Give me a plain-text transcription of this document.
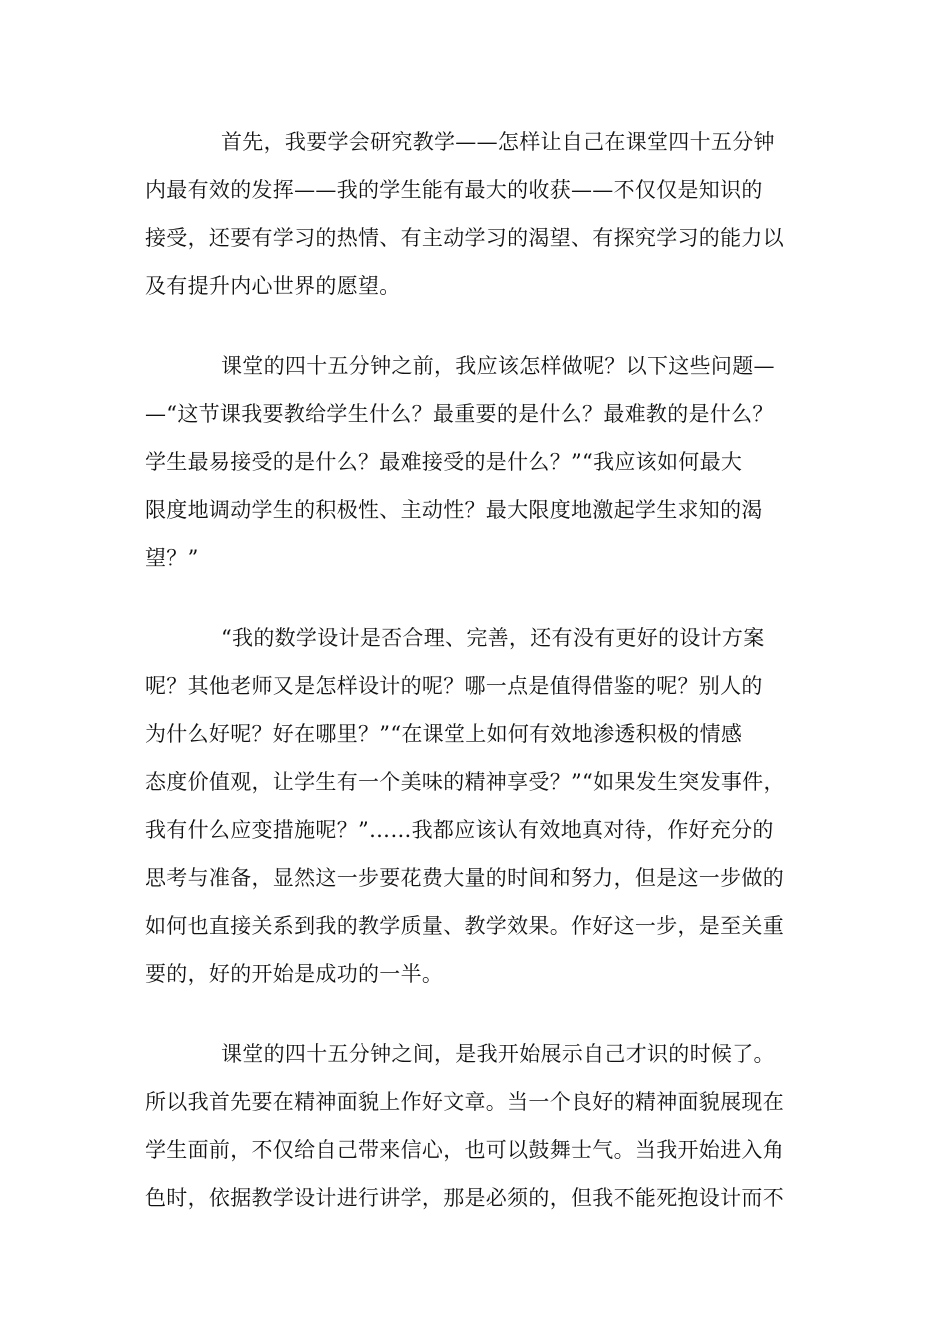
首先，我要学会研究教学——怎样让自己在课堂四十五分钟
内最有效的发挥——我的学生能有最大的收获——不仅仅是知识的
接受，还要有学习的热情、有主动学习的渴望、有探究学习的能力以
及有提升内心世界的愿望。

课堂的四十五分钟之前，我应该怎样做呢？以下这些问题—
—“这节课我要教给学生什么？最重要的是什么？最难教的是什么？
学生最易接受的是什么？最难接受的是什么？”“我应该如何最大
限度地调动学生的积极性、主动性？最大限度地激起学生求知的渴
望？”

“我的数学设计是否合理、完善，还有没有更好的设计方案
呢？其他老师又是怎样设计的呢？哪一点是值得借鉴的呢？别人的
为什么好呢？好在哪里？”“在课堂上如何有效地渗透积极的情感
态度价值观，让学生有一个美味的精神享受？”“如果发生突发事件，
我有什么应变措施呢？”……我都应该认有效地真对待，作好充分的
思考与准备，显然这一步要花费大量的时间和努力，但是这一步做的
如何也直接关系到我的教学质量、教学效果。作好这一步，是至关重
要的，好的开始是成功的一半。

课堂的四十五分钟之间，是我开始展示自己才识的时候了。
所以我首先要在精神面貌上作好文章。当一个良好的精神面貌展现在
学生面前，不仅给自己带来信心，也可以鼓舞士气。当我开始进入角
色时，依据教学设计进行讲学，那是必须的，但我不能死抱设计而不
